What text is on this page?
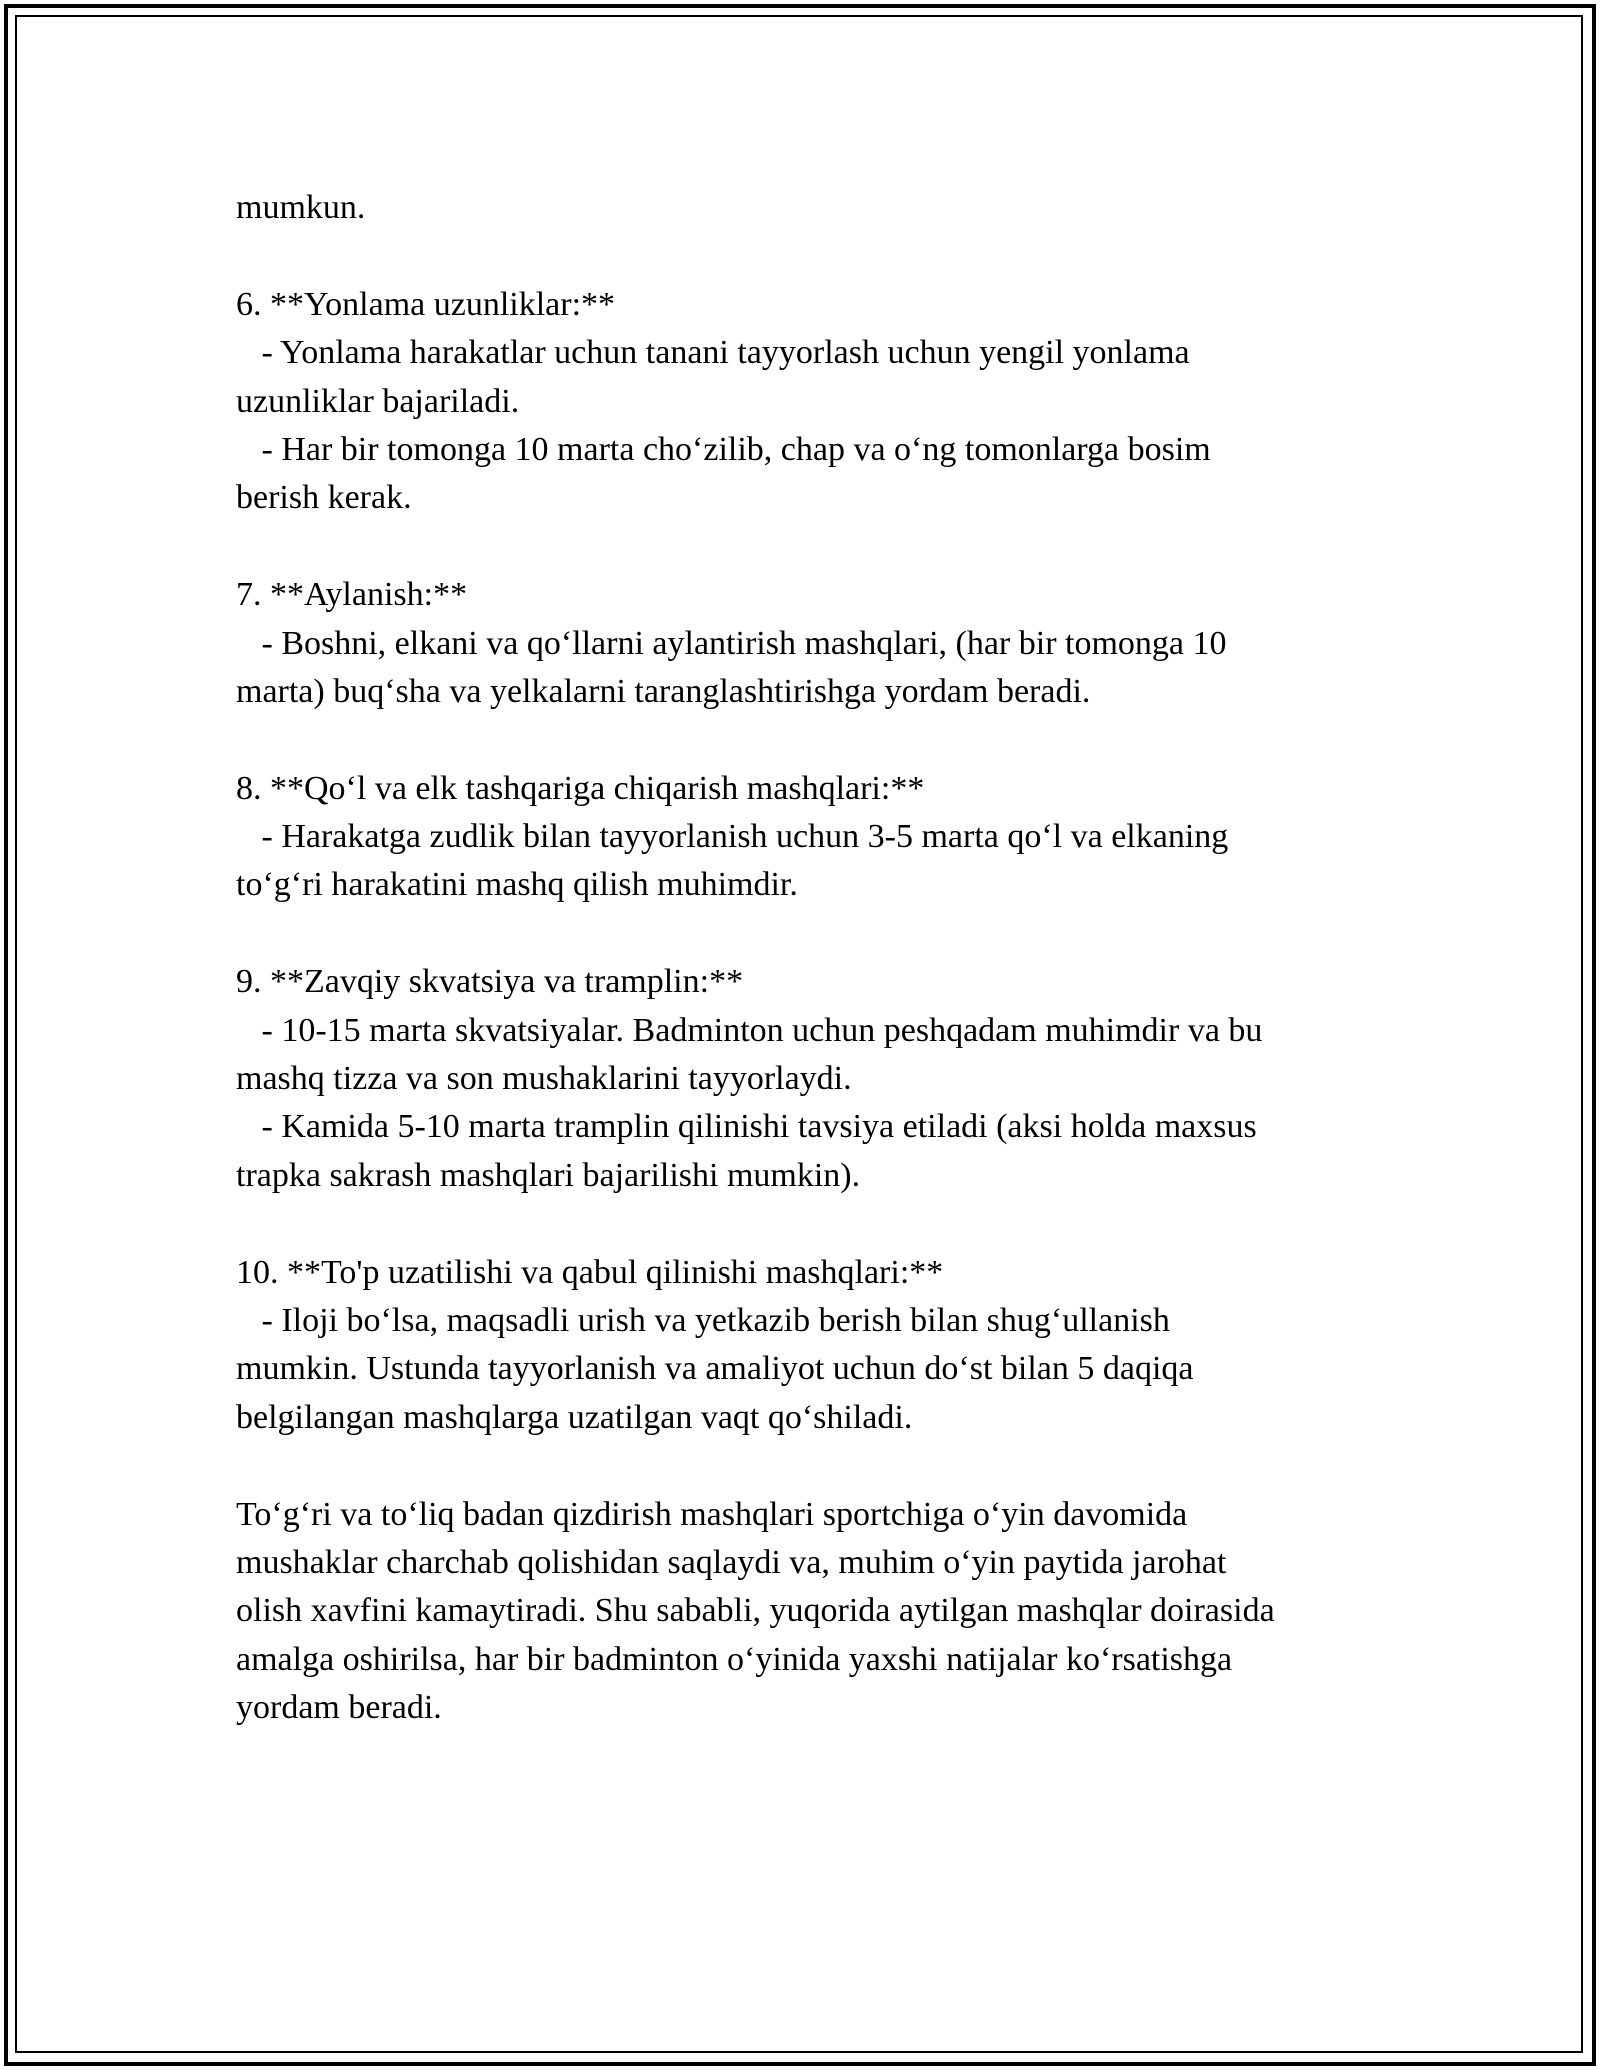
mumkun.
6. **Yonlama uzunliklar:**
- Yonlama harakatlar uchun tanani tayyorlash uchun yengil yonlama
uzunliklar bajariladi.
- Har bir tomonga 10 marta cho‘zilib, chap va o‘ng tomonlarga bosim
berish kerak.
7. **Aylanish:**
- Boshni, elkani va qo‘llarni aylantirish mashqlari, (har bir tomonga 10
marta) buq‘sha va yelkalarni taranglashtirishga yordam beradi.
8. **Qo‘l va elk tashqariga chiqarish mashqlari:**
- Harakatga zudlik bilan tayyorlanish uchun 3-5 marta qo‘l va elkaning
to‘g‘ri harakatini mashq qilish muhimdir.
9. **Zavqiy skvatsiya va tramplin:**
- 10-15 marta skvatsiyalar. Badminton uchun peshqadam muhimdir va bu
mashq tizza va son mushaklarini tayyorlaydi.
- Kamida 5-10 marta tramplin qilinishi tavsiya etiladi (aksi holda maxsus
trapka sakrash mashqlari bajarilishi mumkin).
10. **To'p uzatilishi va qabul qilinishi mashqlari:**
- Iloji bo‘lsa, maqsadli urish va yetkazib berish bilan shug‘ullanish
mumkin. Ustunda tayyorlanish va amaliyot uchun do‘st bilan 5 daqiqa
belgilangan mashqlarga uzatilgan vaqt qo‘shiladi.
To‘g‘ri va to‘liq badan qizdirish mashqlari sportchiga o‘yin davomida
mushaklar charchab qolishidan saqlaydi va, muhim o‘yin paytida jarohat
olish xavfini kamaytiradi. Shu sababli, yuqorida aytilgan mashqlar doirasida
amalga oshirilsa, har bir badminton o‘yinida yaxshi natijalar ko‘rsatishga
yordam beradi.
